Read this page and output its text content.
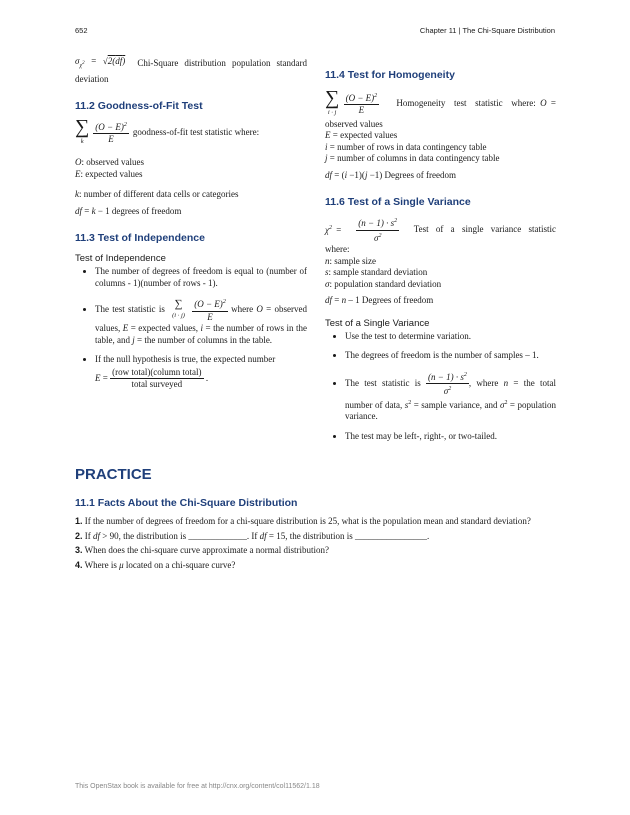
652	Chapter 11 | The Chi-Square Distribution
$\sigma_{\chi^2} = √2(df)$ Chi-Square distribution population standard deviation
11.2 Goodness-of-Fit Test
∑
k	$\frac{(O - E)^2}{E}$ goodness-of-fit test statistic where:
O: observed values
E: expected values
k: number of different data cells or categories
df = k − 1 degrees of freedom
11.3 Test of Independence
Test of Independence
• The number of degrees of freedom is equal to (number of columns - 1)(number of rows - 1).
• The test statistic is ∑
(i · j)
$\frac{(O - E)^2}{E}$ where O = observed values, E = expected values, i = the number of rows in the table, and j = the number of columns in the table.
• If the null hypothesis is true, the expected number
$E = \frac{\text{(row total)(column total)}}{\text{total surveyed}}$ .
11.4 Test for Homogeneity
∑
i · j
$\frac{(O - E)^2}{E}$ Homogeneity  test  statistic  where: O = observed values
E = expected values
i = number of rows in data contingency table
j = number of columns in data contingency table
df = (i −1)(j −1) Degrees of freedom
11.6 Test of a Single Variance
$\chi^2 = \frac{(n - 1) \cdot s^2}{\sigma^2}$ Test  of  a  single  variance  statistic where:
n: sample size
s: sample standard deviation
σ: population standard deviation
df = n – 1 Degrees of freedom
Test of a Single Variance
• Use the test to determine variation.
• The degrees of freedom is the number of samples – 1.
• The test statistic is $\frac{(n - 1) \cdot s^2}{\sigma^2}$ , where n = the total number of data, $s^2$ = sample variance, and $\sigma^2$ = population variance.
• The test may be left-, right-, or two-tailed.
PRACTICE
11.1 Facts About the Chi-Square Distribution
1. If the number of degrees of freedom for a chi-square distribution is 25, what is the population mean and standard deviation?
2. If df > 90, the distribution is _____________. If df = 15, the distribution is ________________.
3. When does the chi-square curve approximate a normal distribution?
4. Where is μ located on a chi-square curve?
This OpenStax book is available for free at http://cnx.org/content/col11562/1.18
